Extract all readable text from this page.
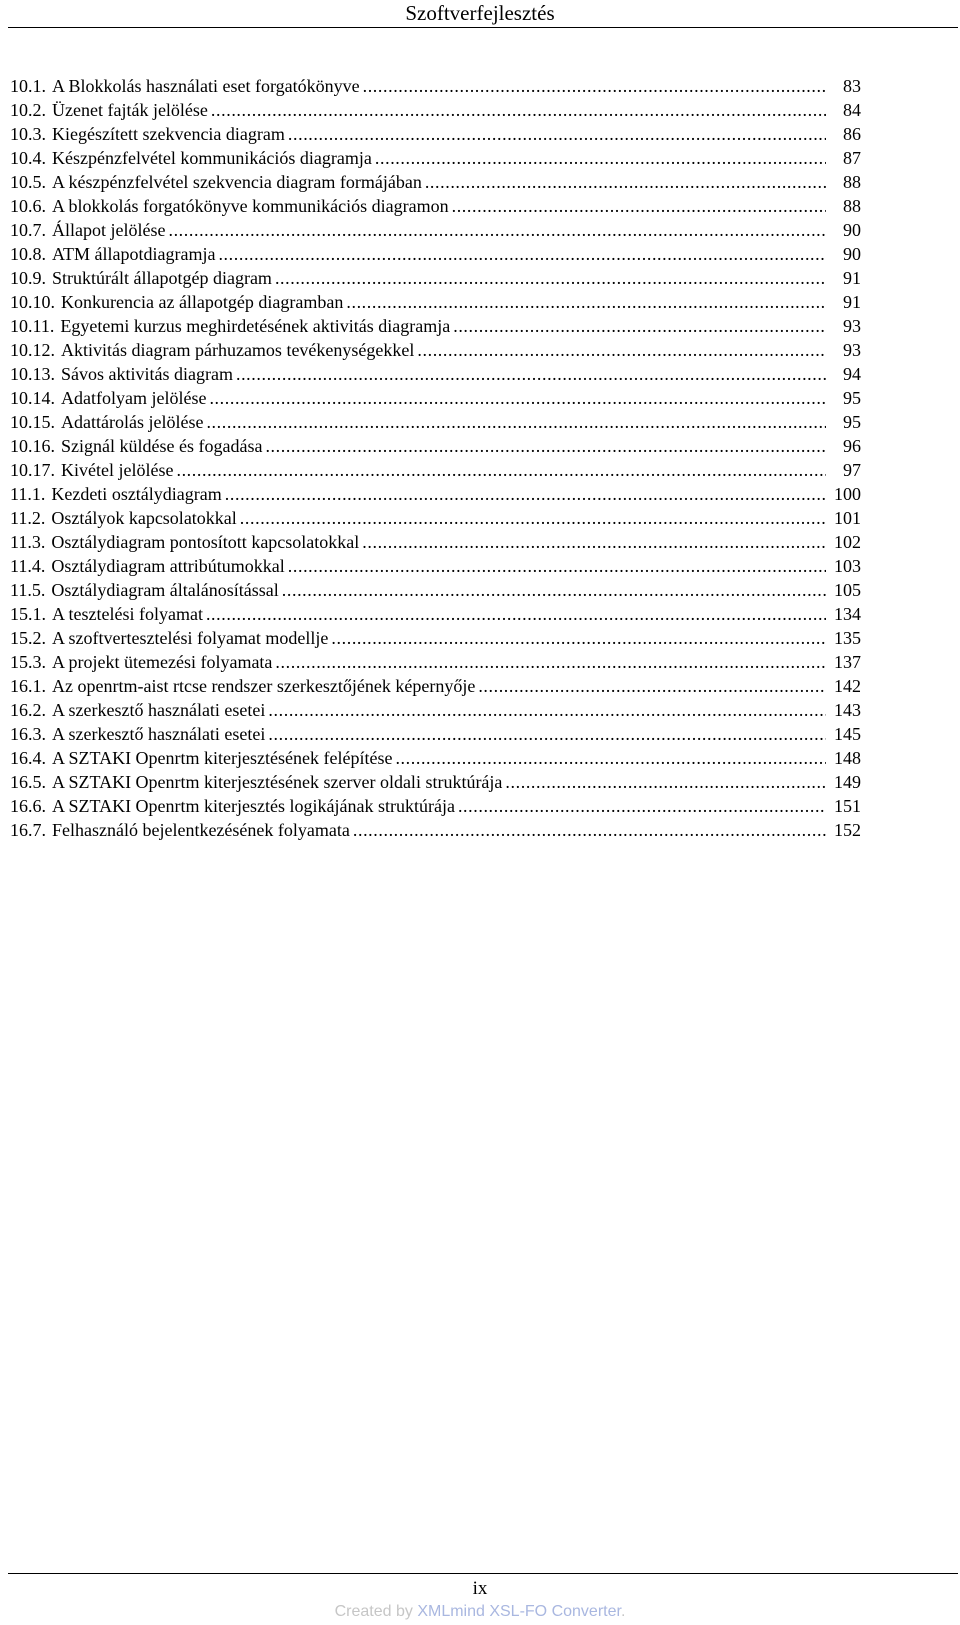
Szoftverfejlesztés
10.1. A Blokkolás használati eset forgatókönyve .....	83
10.2. Üzenet fajták jelölése .....	84
10.3. Kiegészített szekvencia diagram .....	86
10.4. Készpénzfelvétel kommunikációs diagramja .....	87
10.5. A készpénzfelvétel szekvencia diagram formájában .....	88
10.6. A blokkolás forgatókönyve kommunikációs diagramon .....	88
10.7. Állapot jelölése .....	90
10.8. ATM állapotdiagramja .....	90
10.9. Struktúrált állapotgép diagram .....	91
10.10. Konkurencia az állapotgép diagramban .....	91
10.11. Egyetemi kurzus meghirdetésének aktivitás diagramja .....	93
10.12. Aktivitás diagram párhuzamos tevékenységekkel .....	93
10.13. Sávos aktivitás diagram .....	94
10.14. Adatfolyam jelölése .....	95
10.15. Adattárolás jelölése .....	95
10.16. Szignál küldése és fogadása .....	96
10.17. Kivétel jelölése .....	97
11.1. Kezdeti osztálydiagram .....	100
11.2. Osztályok kapcsolatokkal .....	101
11.3. Osztálydiagram pontosított kapcsolatokkal .....	102
11.4. Osztálydiagram attribútumokkal .....	103
11.5. Osztálydiagram általánosítással .....	105
15.1. A tesztelési folyamat .....	134
15.2. A szoftvertesztelési folyamat modellje .....	135
15.3. A projekt ütemezési folyamata .....	137
16.1. Az openrtm-aist rtcse rendszer szerkesztőjének képernyője .....	142
16.2. A szerkesztő használati esetei .....	143
16.3. A szerkesztő használati esetei .....	145
16.4. A SZTAKI Openrtm kiterjesztésének felépítése .....	148
16.5. A SZTAKI Openrtm kiterjesztésének szerver oldali struktúrája .....	149
16.6. A SZTAKI Openrtm kiterjesztés logikájának struktúrája .....	151
16.7. Felhasználó bejelentkezésének folyamata .....	152
ix
Created by XMLmind XSL-FO Converter.
